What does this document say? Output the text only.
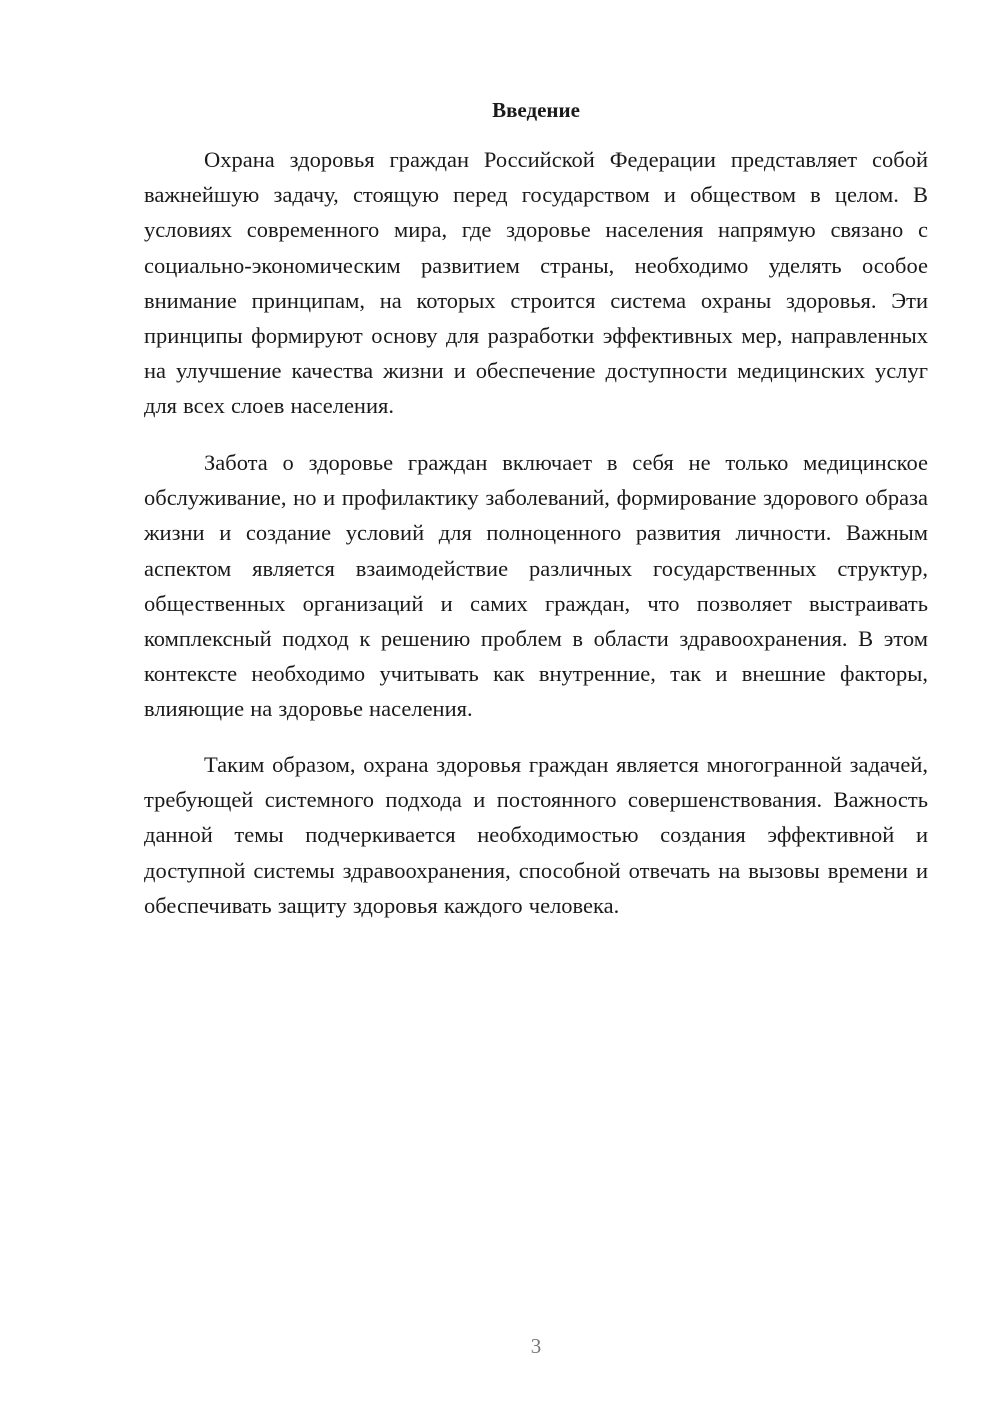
Введение

Охрана здоровья граждан Российской Федерации представляет собой важнейшую задачу, стоящую перед государством и обществом в целом. В условиях современного мира, где здоровье населения напрямую связано с социально-экономическим развитием страны, необходимо уделять особое внимание принципам, на которых строится система охраны здоровья. Эти принципы формируют основу для разработки эффективных мер, направленных на улучшение качества жизни и обеспечение доступности медицинских услуг для всех слоев населения.

Забота о здоровье граждан включает в себя не только медицинское обслуживание, но и профилактику заболеваний, формирование здорового образа жизни и создание условий для полноценного развития личности. Важным аспектом является взаимодействие различных государственных структур, общественных организаций и самих граждан, что позволяет выстраивать комплексный подход к решению проблем в области здравоохранения. В этом контексте необходимо учитывать как внутренние, так и внешние факторы, влияющие на здоровье населения.

Таким образом, охрана здоровья граждан является многогранной задачей, требующей системного подхода и постоянного совершенствования. Важность данной темы подчеркивается необходимостью создания эффективной и доступной системы здравоохранения, способной отвечать на вызовы времени и обеспечивать защиту здоровья каждого человека.

3
